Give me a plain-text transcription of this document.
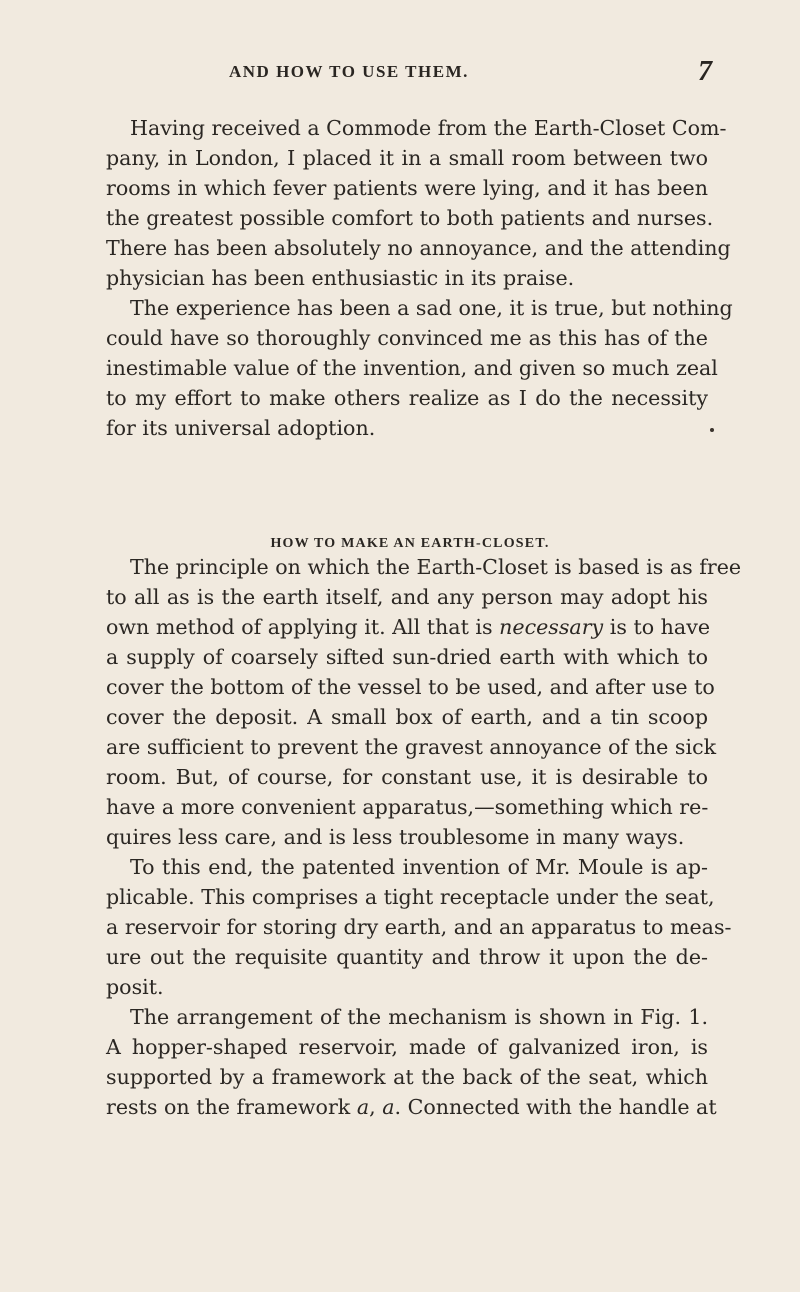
AND HOW TO USE THEM.	7
Having received a Commode from the Earth-Closet Com-
pany, in London, I placed it in a small room between two
rooms in which fever patients were lying, and it has been
the greatest possible comfort to both patients and nurses.
There has been absolutely no annoyance, and the attending
physician has been enthusiastic in its praise.
The experience has been a sad one, it is true, but nothing
could have so thoroughly convinced me as this has of the
inestimable value of the invention, and given so much zeal
to my effort to make others realize as I do the necessity
for its universal adoption.
HOW TO MAKE AN EARTH-CLOSET.
The principle on which the Earth-Closet is based is as free
to all as is the earth itself, and any person may adopt his
own method of applying it. All that is necessary is to have
a supply of coarsely sifted sun-dried earth with which to
cover the bottom of the vessel to be used, and after use to
cover the deposit. A small box of earth, and a tin scoop
are sufficient to prevent the gravest annoyance of the sick
room. But, of course, for constant use, it is desirable to
have a more convenient apparatus,—something which re-
quires less care, and is less troublesome in many ways.
To this end, the patented invention of Mr. Moule is ap-
plicable. This comprises a tight receptacle under the seat,
a reservoir for storing dry earth, and an apparatus to meas-
ure out the requisite quantity and throw it upon the de-
posit.
The arrangement of the mechanism is shown in Fig. 1.
A hopper-shaped reservoir, made of galvanized iron, is
supported by a framework at the back of the seat, which
rests on the framework a, a. Connected with the handle at
